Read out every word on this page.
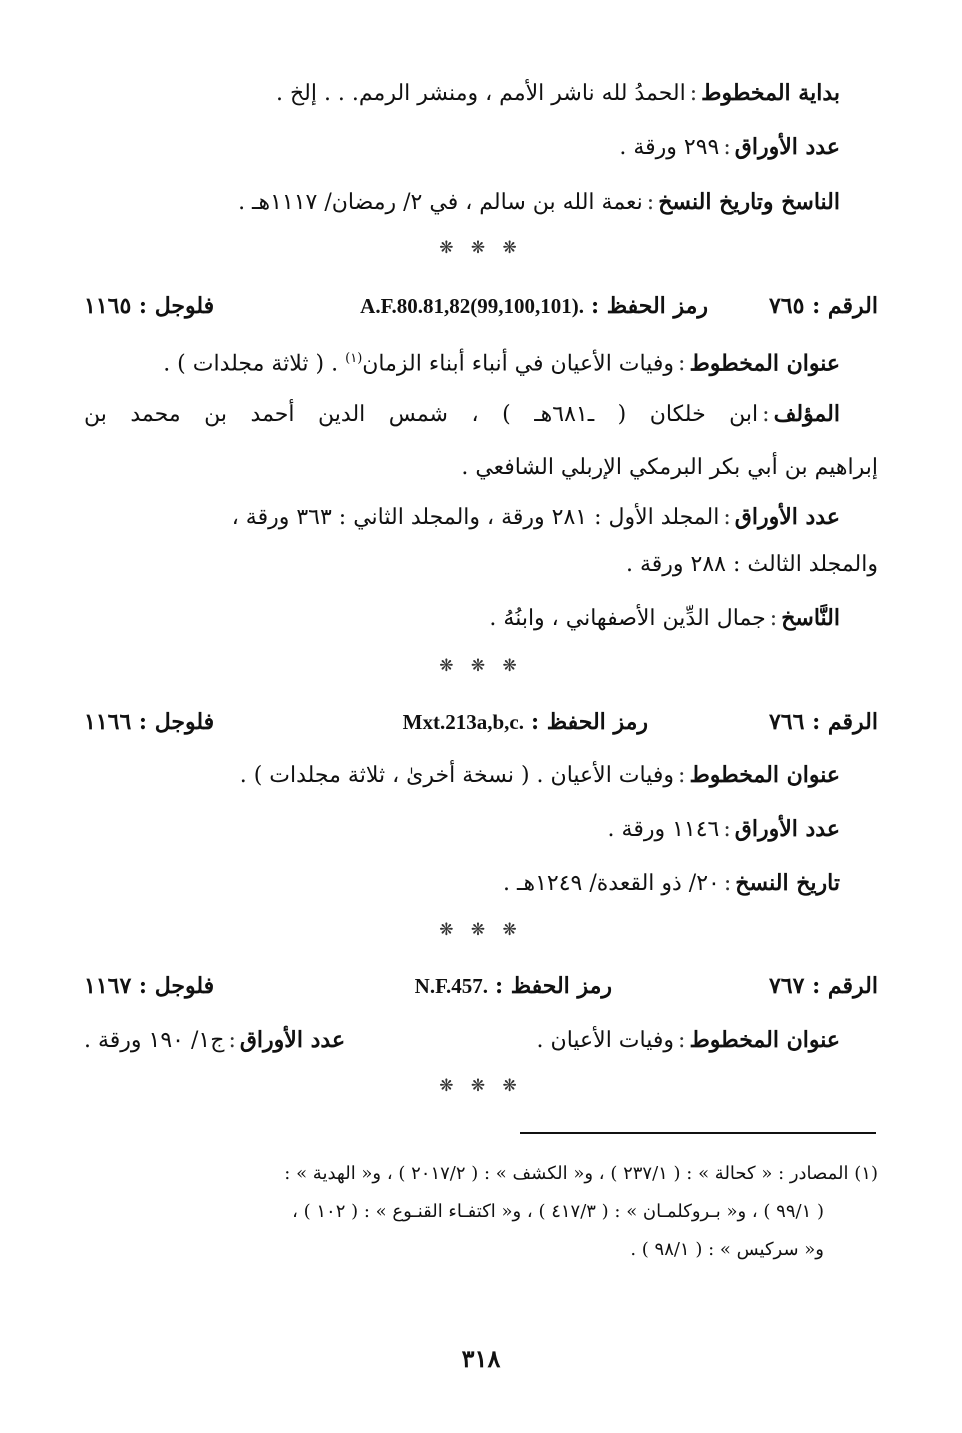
بداية المخطوط:الحمدُ لله ناشر الأمم ، ومنشر الرمم. . . إلخ .
عدد الأوراق:٢٩٩ ورقة .
الناسخ وتاريخ النسخ:نعمة الله بن سالم ، في ٢/ رمضان/ ١١١٧هـ .
❋ ❋ ❋
الرقم : ٧٦٥
رمز الحفظ : A.F.80.81,82(99,100,101).
فلوجل : ١١٦٥
عنوان المخطوط:وفيات الأعيان في أنباء أبناء الزمان$^{(١)}$ . ( ثلاثة مجلدات ) .
المؤلف:ابن خلكان ( ـ٦٨١هـ ) ، شمس الدين أحمد بن محمد بن
إبراهيم بن أبي بكر البرمكي الإربلي الشافعي .
عدد الأوراق:المجلد الأول : ٢٨١ ورقة ، والمجلد الثاني : ٣٦٣ ورقة ،
والمجلد الثالث : ٢٨٨ ورقة .
النَّاسخ:جمال الدِّين الأصفهاني ، وابنُهُ .
❋ ❋ ❋
الرقم : ٧٦٦
رمز الحفظ : Mxt.213a,b,c.
فلوجل : ١١٦٦
عنوان المخطوط:وفيات الأعيان . ( نسخة أخرىٰ ، ثلاثة مجلدات ) .
عدد الأوراق:١١٤٦ ورقة .
تاريخ النسخ:٢٠/ ذو القعدة/ ١٢٤٩هـ .
❋ ❋ ❋
الرقم : ٧٦٧
رمز الحفظ : N.F.457.
فلوجل : ١١٦٧
عنوان المخطوط:وفيات الأعيان .
عدد الأوراق:ج١/ ١٩٠ ورقة .
❋ ❋ ❋
(١) المصادر : « كحالة » : ( ٢٣٧/١ ) ، و« الكشف » : ( ٢٠١٧/٢ ) ، و« الهدية » :
( ٩٩/١ ) ، و« بـروكلمـان » : ( ٤١٧/٣ ) ، و« اكتفـاء القنـوع » : ( ١٠٢ ) ،
و« سركيس » : ( ٩٨/١ ) .
٣١٨
